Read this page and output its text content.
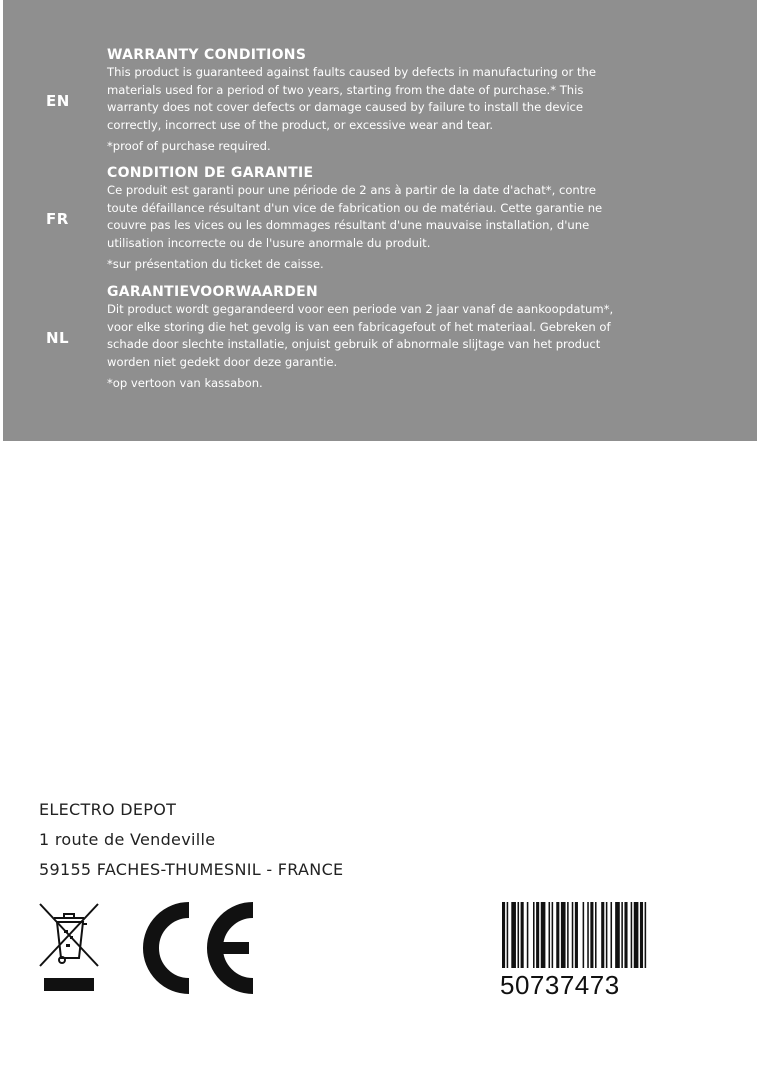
EN
WARRANTY CONDITIONS
This product is guaranteed against faults caused by defects in manufacturing or the
materials used for a period of two years, starting from the date of purchase.* This
warranty does not cover defects or damage caused by failure to install the device
correctly, incorrect use of the product, or excessive wear and tear.
*proof of purchase required.
FR
CONDITION DE GARANTIE
Ce produit est garanti pour une période de 2 ans à partir de la date d'achat*, contre
toute défaillance résultant d'un vice de fabrication ou de matériau. Cette garantie ne
couvre pas les vices ou les dommages résultant d'une mauvaise installation, d'une
utilisation incorrecte ou de l'usure anormale du produit.
*sur présentation du ticket de caisse.
NL
GARANTIEVOORWAARDEN
Dit product wordt gegarandeerd voor een periode van 2 jaar vanaf de aankoopdatum*,
voor elke storing die het gevolg is van een fabricagefout of het materiaal. Gebreken of
schade door slechte installatie, onjuist gebruik of abnormale slijtage van het product
worden niet gedekt door deze garantie.
*op vertoon van kassabon.
ELECTRO DEPOT
1 route de Vendeville
59155 FACHES-THUMESNIL - FRANCE
50737473
